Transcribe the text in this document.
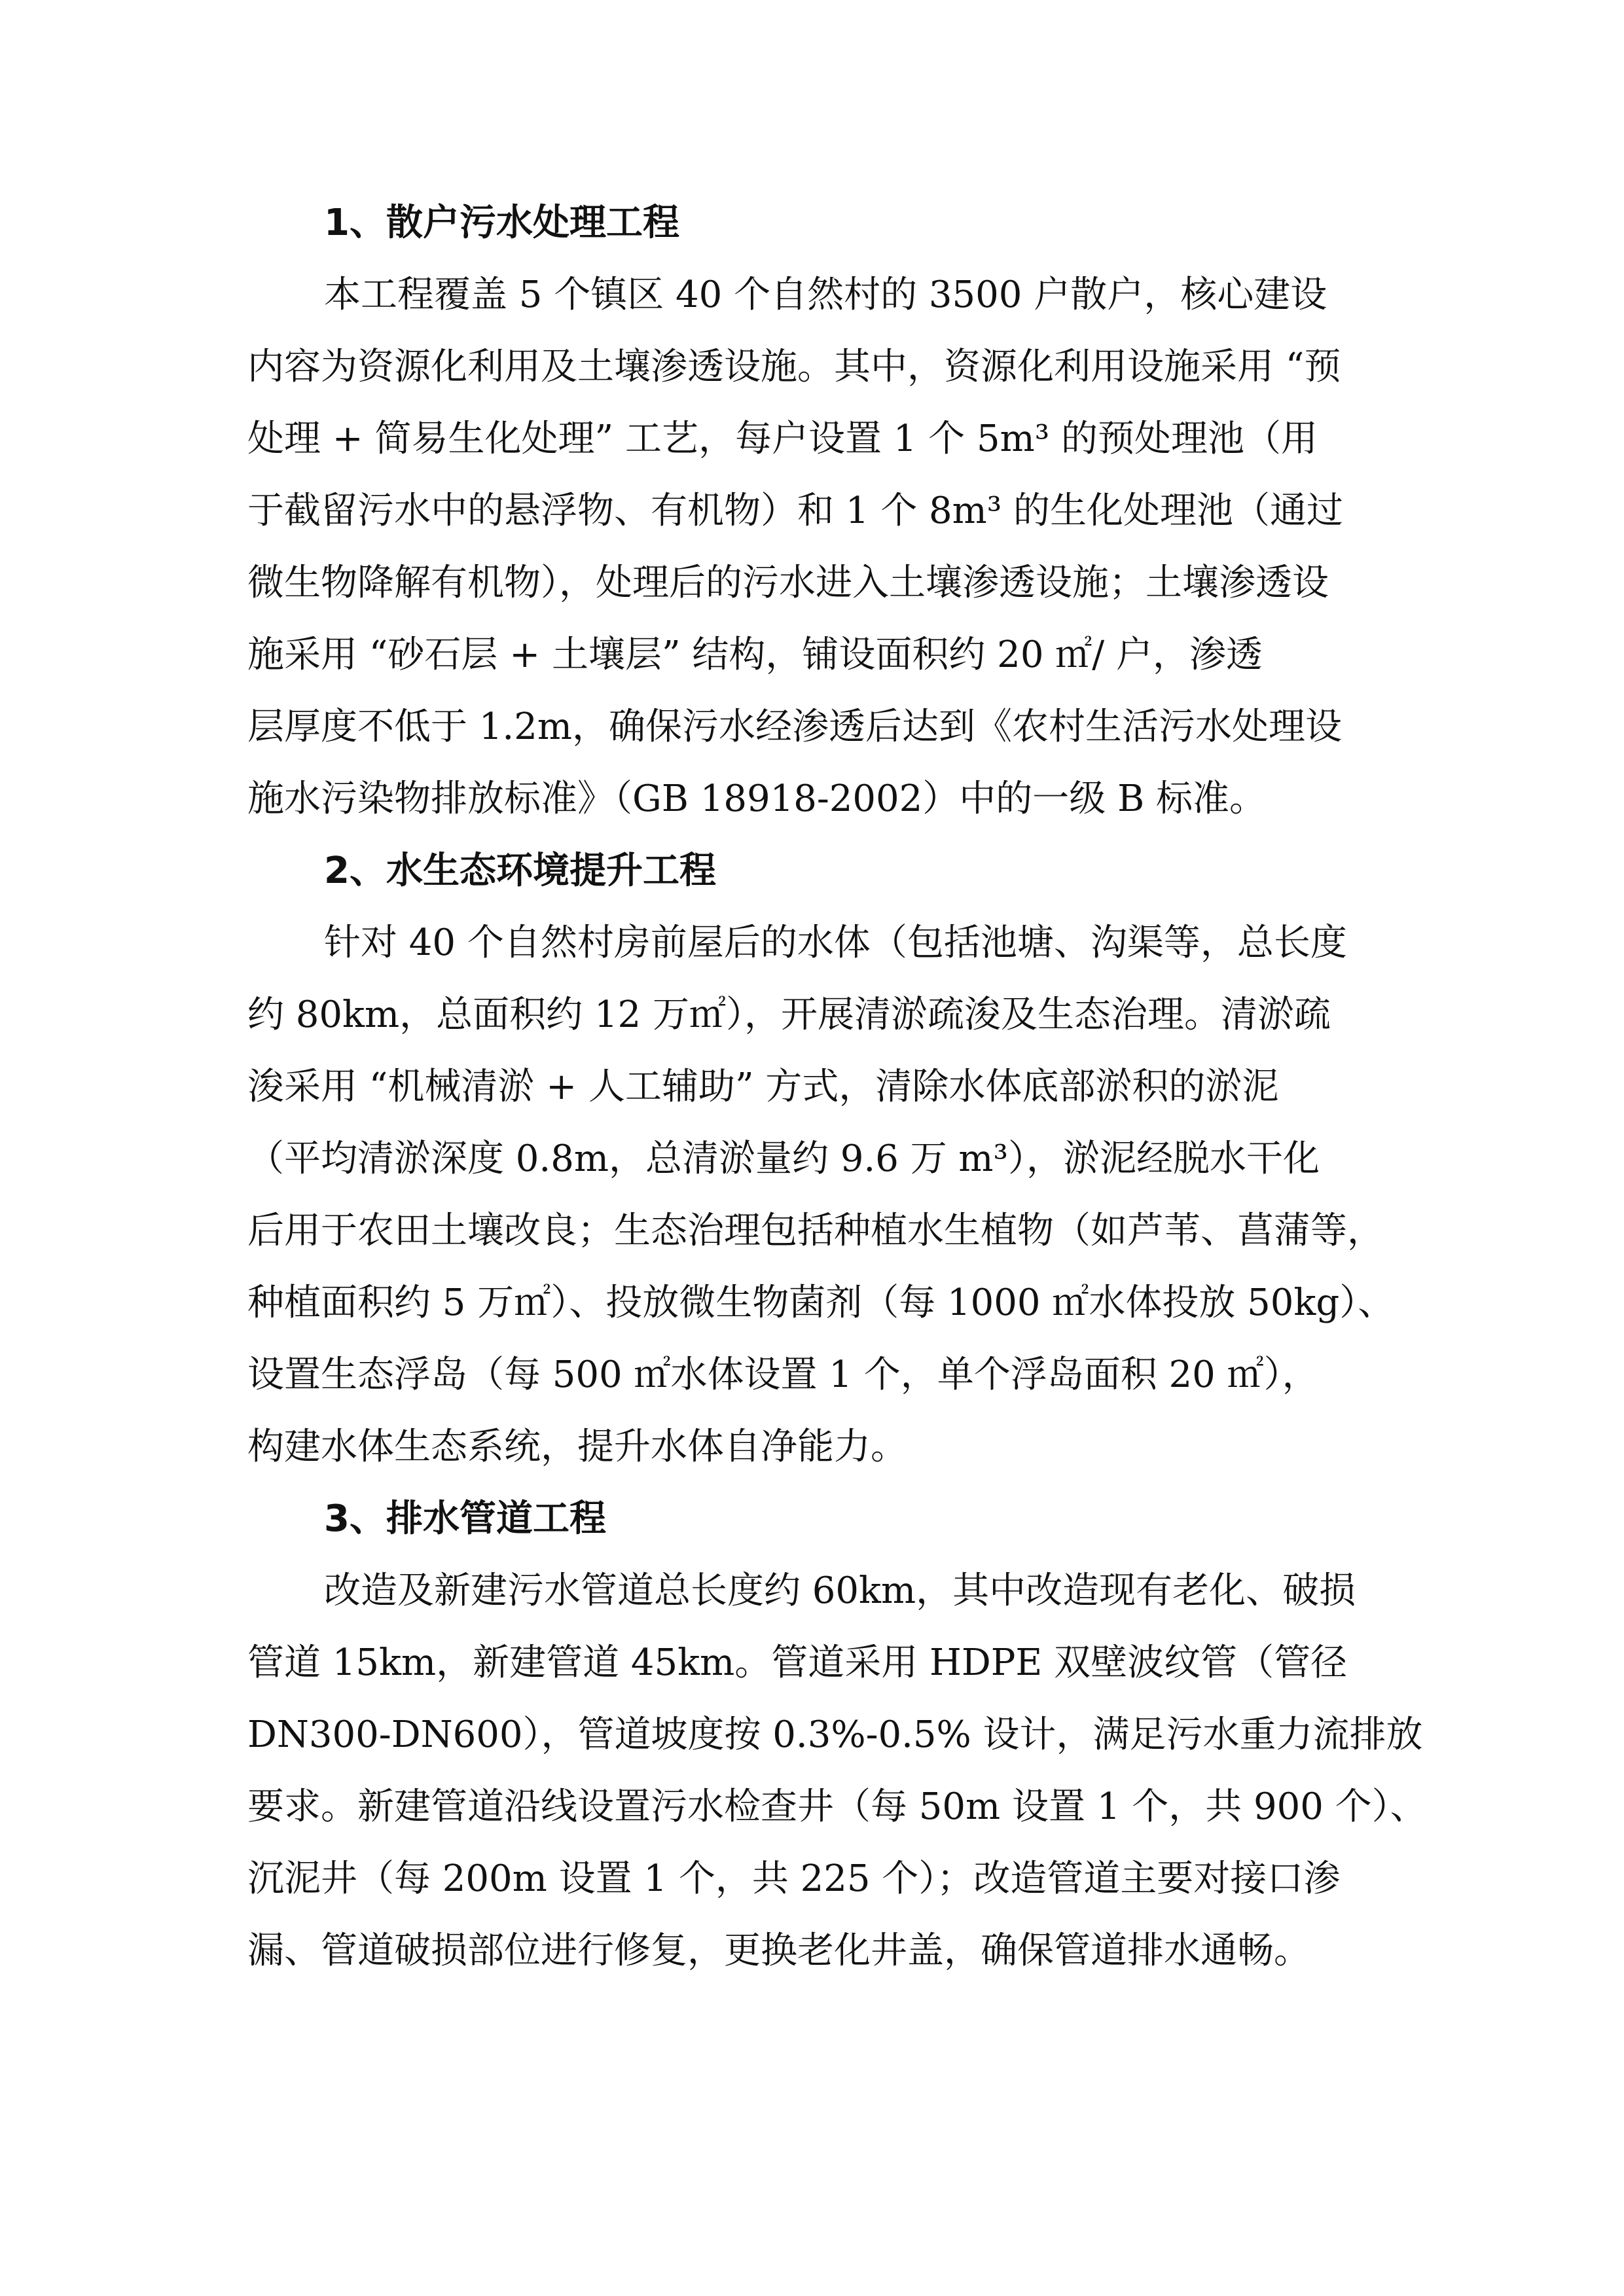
1、散户污水处理工程
本工程覆盖 5 个镇区 40 个自然村的 3500 户散户，核心建设
内容为资源化利用及土壤渗透设施。其中，资源化利用设施采用 “预
处理 + 简易生化处理” 工艺，每户设置 1 个 5m³ 的预处理池（用
于截留污水中的悬浮物、有机物）和 1 个 8m³ 的生化处理池（通过
微生物降解有机物），处理后的污水进入土壤渗透设施；土壤渗透设
施采用 “砂石层 + 土壤层” 结构，铺设面积约 20 ㎡/ 户，渗透
层厚度不低于 1.2m，确保污水经渗透后达到《农村生活污水处理设
施水污染物排放标准》（GB 18918-2002）中的一级 B 标准。
2、水生态环境提升工程
针对 40 个自然村房前屋后的水体（包括池塘、沟渠等，总长度
约 80km，总面积约 12 万㎡），开展清淤疏浚及生态治理。清淤疏
浚采用 “机械清淤 + 人工辅助” 方式，清除水体底部淤积的淤泥
（平均清淤深度 0.8m，总清淤量约 9.6 万 m³），淤泥经脱水干化
后用于农田土壤改良；生态治理包括种植水生植物（如芦苇、菖蒲等，
种植面积约 5 万㎡）、投放微生物菌剂（每 1000 ㎡水体投放 50kg）、
设置生态浮岛（每 500 ㎡水体设置 1 个，单个浮岛面积 20 ㎡），
构建水体生态系统，提升水体自净能力。
3、排水管道工程
改造及新建污水管道总长度约 60km，其中改造现有老化、破损
管道 15km，新建管道 45km。管道采用 HDPE 双壁波纹管（管径
DN300-DN600），管道坡度按 0.3%-0.5% 设计，满足污水重力流排放
要求。新建管道沿线设置污水检查井（每 50m 设置 1 个，共 900 个）、
沉泥井（每 200m 设置 1 个，共 225 个）；改造管道主要对接口渗
漏、管道破损部位进行修复，更换老化井盖，确保管道排水通畅。
